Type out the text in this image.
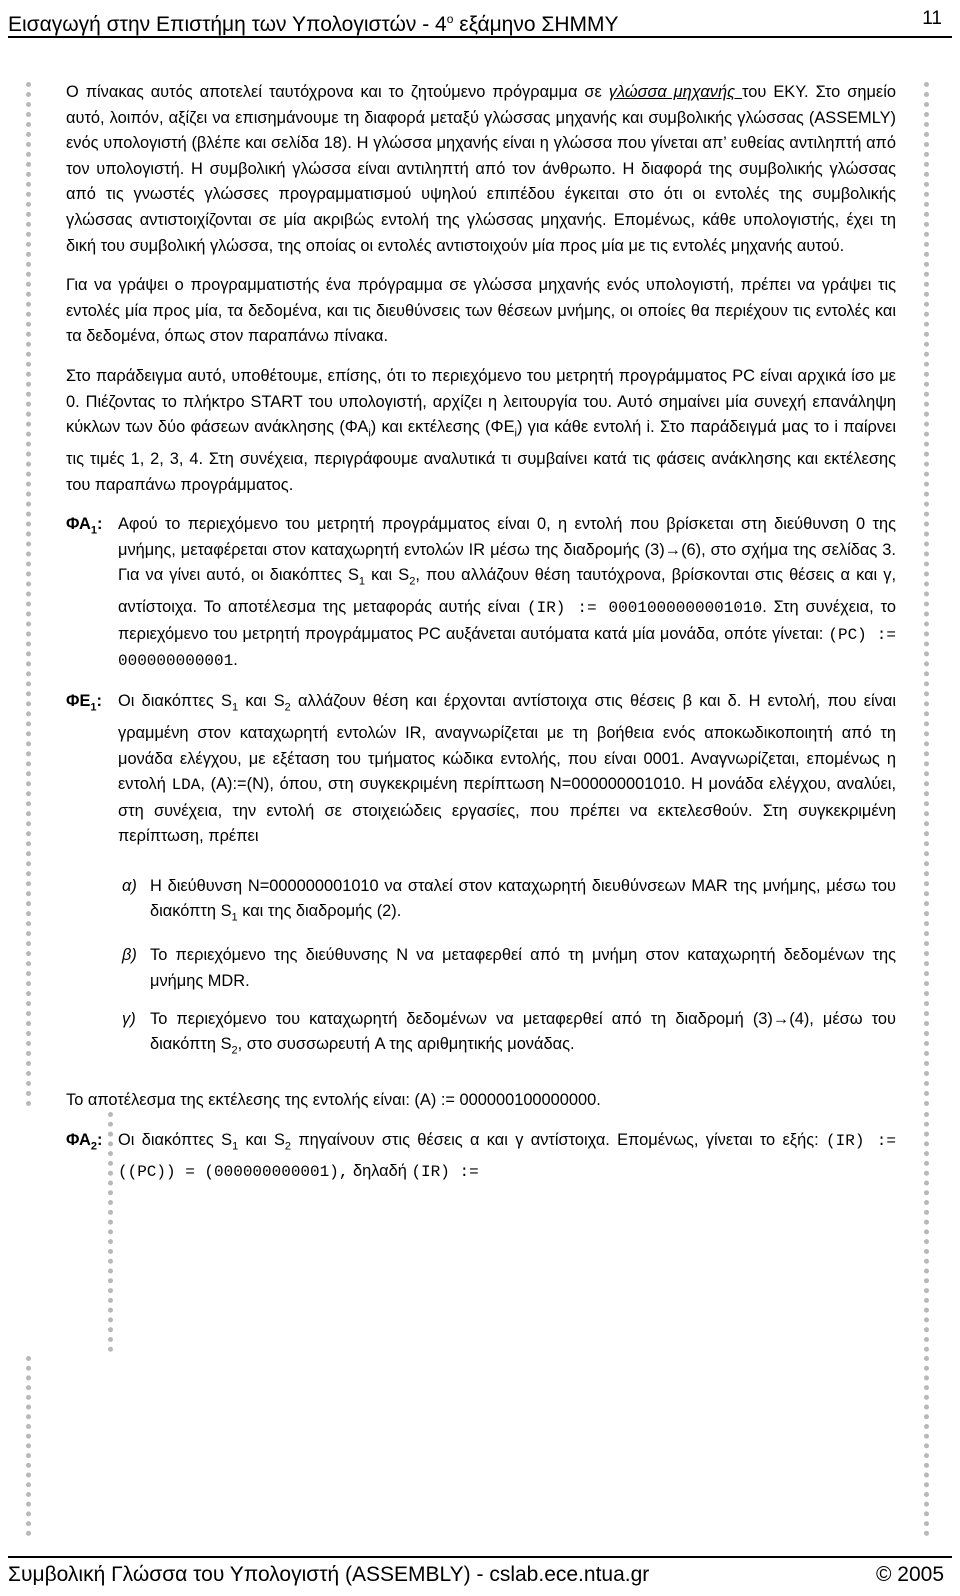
Εισαγωγή στην Επιστήμη των Υπολογιστών - $4^o$ εξάμηνο ΣΗΜΜΥ	11

Ο πίνακας αυτός αποτελεί ταυτόχρονα και το ζητούμενο πρόγραμμα σε γλώσσα μηχανής του ΕΚΥ. Στο σημείο αυτό, λοιπόν, αξίζει να επισημάνουμε τη διαφορά μεταξύ γλώσσας μηχανής και συμβολικής γλώσσας (ASSEMLY) ενός υπολογιστή (βλέπε και σελίδα 18). Η γλώσσα μηχανής είναι η γλώσσα που γίνεται απ’ ευθείας αντιληπτή από τον υπολογιστή. Η συμβολική γλώσσα είναι αντιληπτή από τον άνθρωπο. Η διαφορά της συμβολικής γλώσσας από τις γνωστές γλώσσες προγραμματισμού υψηλού επιπέδου έγκειται στο ότι οι εντολές της συμβολικής γλώσσας αντιστοιχίζονται σε μία ακριβώς εντολή της γλώσσας μηχανής. Επομένως, κάθε υπολογιστής, έχει τη δική του συμβολική γλώσσα, της οποίας οι εντολές αντιστοιχούν μία προς μία με τις εντολές μηχανής αυτού.

Για να γράψει ο προγραμματιστής ένα πρόγραμμα σε γλώσσα μηχανής ενός υπολογιστή, πρέπει να γράψει τις εντολές μία προς μία, τα δεδομένα, και τις διευθύνσεις των θέσεων μνήμης, οι οποίες θα περιέχουν τις εντολές και τα δεδομένα, όπως στον παραπάνω πίνακα.

Στο παράδειγμα αυτό, υποθέτουμε, επίσης, ότι το περιεχόμενο του μετρητή προγράμματος PC είναι αρχικά ίσο με 0. Πιέζοντας το πλήκτρο START του υπολογιστή, αρχίζει η λειτουργία του. Αυτό σημαίνει μία συνεχή επανάληψη κύκλων των δύο φάσεων ανάκλησης $(\Phi A_i)$ και εκτέλεσης $(\Phi E_i)$ για κάθε εντολή i. Στο παράδειγμά μας το i παίρνει τις τιμές 1, 2, 3, 4. Στη συνέχεια, περιγράφουμε αναλυτικά τι συμβαίνει κατά τις φάσεις ανάκλησης και εκτέλεσης του παραπάνω προγράμματος.

$\Phi A_1$: Αφού το περιεχόμενο του μετρητή προγράμματος είναι 0, η εντολή που βρίσκεται στη διεύθυνση 0 της μνήμης, μεταφέρεται στον καταχωρητή εντολών IR μέσω της διαδρομής (3)→(6), στο σχήμα της σελίδας 3. Για να γίνει αυτό, οι διακόπτες $S_1$ και $S_2$, που αλλάζουν θέση ταυτόχρονα, βρίσκονται στις θέσεις α και γ, αντίστοιχα. Το αποτέλεσμα της μεταφοράς αυτής είναι (IR) := 0001000000001010. Στη συνέχεια, το περιεχόμενο του μετρητή προγράμματος PC αυξάνεται αυτόματα κατά μία μονάδα, οπότε γίνεται: (PC) := 000000000001.
$\Phi E_1$: Οι διακόπτες $S_1$ και $S_2$ αλλάζουν θέση και έρχονται αντίστοιχα στις θέσεις β και δ. Η εντολή, που είναι γραμμένη στον καταχωρητή εντολών IR, αναγνωρίζεται με τη βοήθεια ενός αποκωδικοποιητή από τη μονάδα ελέγχου, με εξέταση του τμήματος κώδικα εντολής, που είναι 0001. Αναγνωρίζεται, επομένως η εντολή LDA, (A):=(N), όπου, στη συγκεκριμένη περίπτωση N=000000001010. Η μονάδα ελέγχου, αναλύει, στη συνέχεια, την εντολή σε στοιχειώδεις εργασίες, που πρέπει να εκτελεσθούν. Στη συγκεκριμένη περίπτωση, πρέπει
α) Η διεύθυνση N=000000001010 να σταλεί στον καταχωρητή διευθύνσεων MAR της μνήμης, μέσω του διακόπτη $S_1$ και της διαδρομής (2).
β) Το περιεχόμενο της διεύθυνσης N να μεταφερθεί από τη μνήμη στον καταχωρητή δεδομένων της μνήμης MDR.
γ) Το περιεχόμενο του καταχωρητή δεδομένων να μεταφερθεί από τη διαδρομή (3)→(4), μέσω του διακόπτη $S_2$, στο συσσωρευτή A της αριθμητικής μονάδας.

Το αποτέλεσμα της εκτέλεσης της εντολής είναι: (A) := 000000100000000.

$\Phi A_2$: Οι διακόπτες $S_1$ και $S_2$ πηγαίνουν στις θέσεις α και γ αντίστοιχα. Επομένως, γίνεται το εξής: (IR) := ((PC)) = (000000000001), δηλαδή (IR) :=
Συμβολική Γλώσσα του Υπολογιστή (ASSEMBLY) - cslab.ece.ntua.gr	© 2005
